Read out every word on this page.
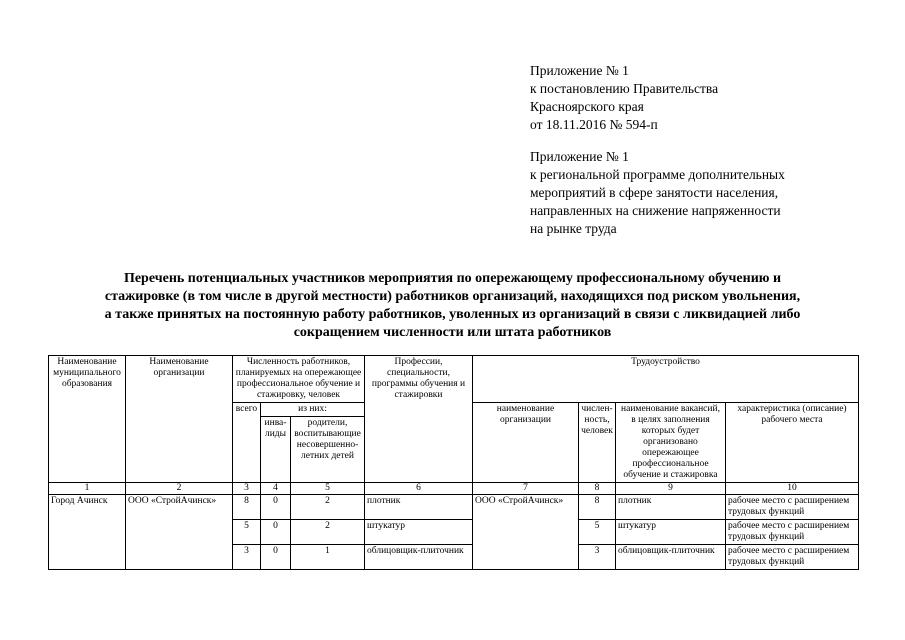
Приложение № 1
к постановлению Правительства
Красноярского края
от 18.11.2016 № 594-п
Приложение № 1
к региональной программе дополнительных
мероприятий в сфере занятости населения,
направленных на снижение напряженности
на рынке труда
Перечень потенциальных участников мероприятия по опережающему профессиональному обучению и
стажировке (в том числе в другой местности) работников организаций, находящихся под риском увольнения,
а также принятых на постоянную работу работников, уволенных из организаций в связи с ликвидацией либо
сокращением численности или штата работников
Наименование муниципального образования	Наименование организации	Численность работников, планируемых на опережающее профессиональное обучение и стажировку, человек			Профессии, специальности, программы обучения и стажировки	Трудоустройство			
		всего	из них:			наименование организации	числен-ность, человек	наименование вакансий, в целях заполнения которых будет организовано опережающее профессиональное обучение и стажировка	характеристика (описание) рабочего места
			инва-лиды	родители, воспитывающие несовершенно-летних детей					

1	2	3	4	5	6	7	8	9	10
Город Ачинск	ООО «СтройАчинск»	8	0	2	плотник	ООО «СтройАчинск»	8	плотник	рабочее место с расширением трудовых функций
		5	0	2	штукатур		5	штукатур	рабочее место с расширением трудовых функций
		3	0	1	облицовщик-плиточник		3	облицовщик-плиточник	рабочее место с расширением трудовых функций
